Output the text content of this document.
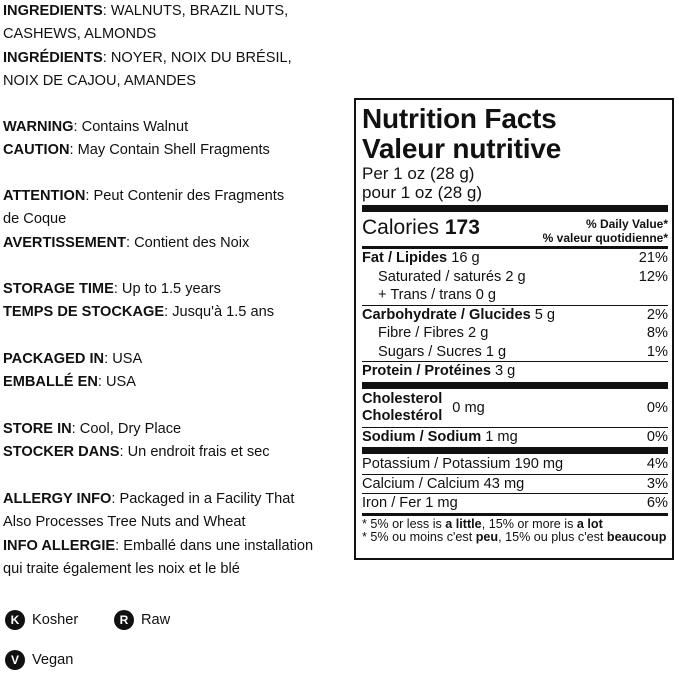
INGREDIENTS: WALNUTS, BRAZIL NUTS,
CASHEWS, ALMONDS
INGRÉDIENTS: NOYER, NOIX DU BRÉSIL,
NOIX DE CAJOU, AMANDES
WARNING: Contains Walnut
CAUTION: May Contain Shell Fragments
ATTENTION: Peut Contenir des Fragments
de Coque
AVERTISSEMENT: Contient des Noix
STORAGE TIME: Up to 1.5 years
TEMPS DE STOCKAGE: Jusqu'à 1.5 ans
PACKAGED IN: USA
EMBALLÉ EN: USA
STORE IN: Cool, Dry Place
STOCKER DANS: Un endroit frais et sec
ALLERGY INFO: Packaged in a Facility That
Also Processes Tree Nuts and Wheat
INFO ALLERGIE: Emballé dans une installation
qui traite également les noix et le blé
K Kosher	R Raw
V Vegan
Nutrition Facts
Valeur nutritive
Per 1 oz (28 g)
pour 1 oz (28 g)
Calories 173	% Daily Value*
% valeur quotidienne*
Fat / Lipides 16 g	21%
Saturated / saturés 2 g	12%
+ Trans / trans 0 g
Carbohydrate / Glucides 5 g	2%
Fibre / Fibres 2 g	8%
Sugars / Sucres 1 g	1%
Protein / Protéines 3 g
Cholesterol
Cholestérol 0 mg	0%
Sodium / Sodium 1 mg	0%
Potassium / Potassium 190 mg	4%
Calcium / Calcium 43 mg	3%
Iron / Fer 1 mg	6%
* 5% or less is a little, 15% or more is a lot
* 5% ou moins c'est peu, 15% ou plus c'est beaucoup
